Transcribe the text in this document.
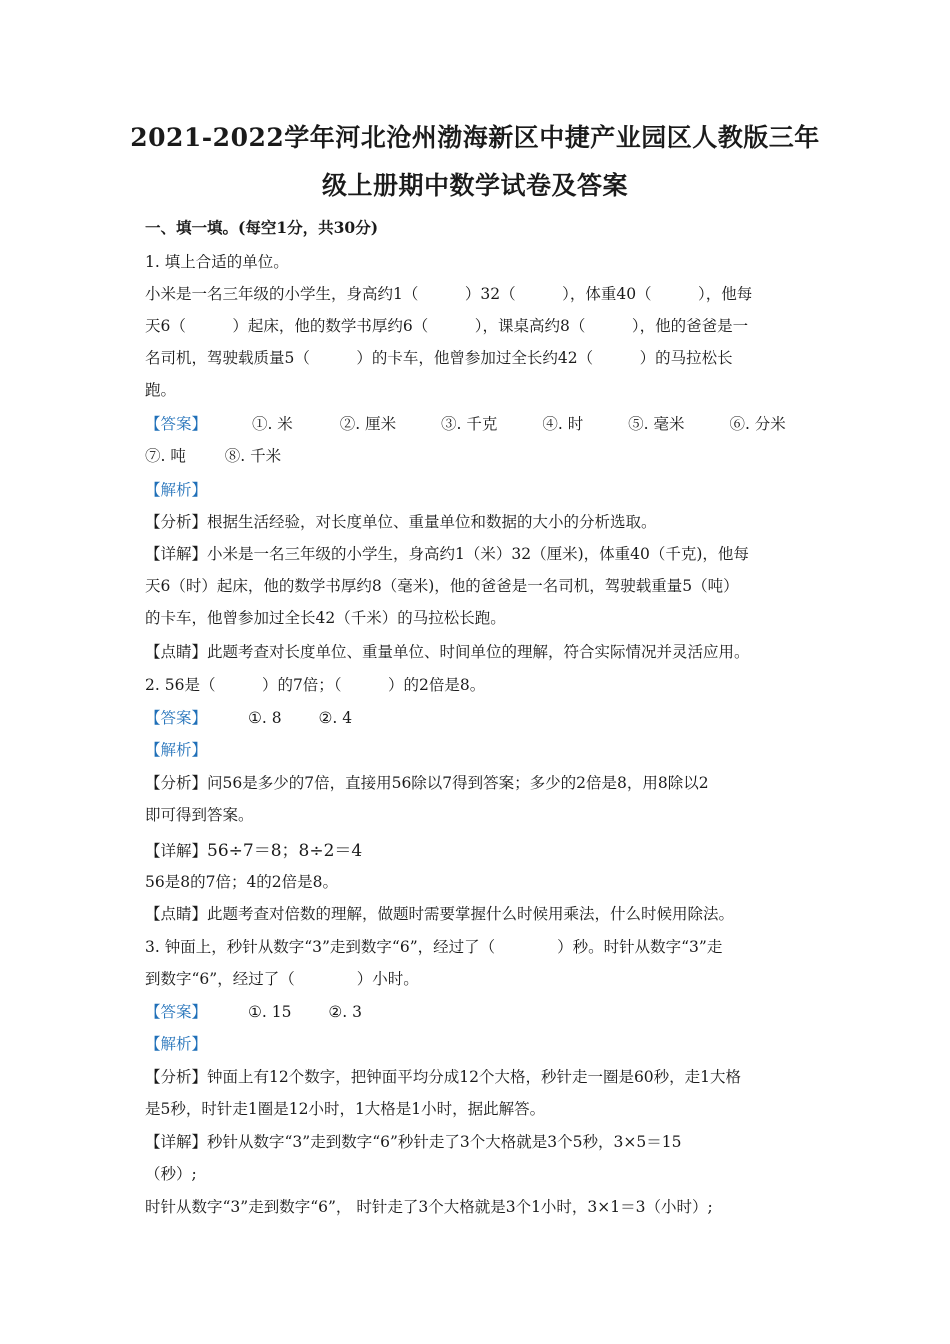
2021-2022学年河北沧州渤海新区中捷产业园区人教版三年
级上册期中数学试卷及答案
一、填一填。(每空1分，共30分)
1. 填上合适的单位。
小米是一名三年级的小学生，身高约1（　　　）32（　　　），体重40（　　　），他每
天6（　　　）起床，他的数学书厚约6（　　　），课桌高约8（　　　），他的爸爸是一
名司机，驾驶载质量5（　　　）的卡车，他曾参加过全长约42（　　　）的马拉松长
跑。
【答案】	①. 米	②. 厘米	③. 千克	④. 时	⑤. 毫米	⑥. 分米
⑦. 吨	⑧. 千米
【解析】
【分析】根据生活经验，对长度单位、重量单位和数据的大小的分析选取。
【详解】小米是一名三年级的小学生，身高约1（米）32（厘米)，体重40（千克)，他每
天6（时）起床，他的数学书厚约8（毫米)，他的爸爸是一名司机，驾驶载重量5（吨）
的卡车，他曾参加过全长42（千米）的马拉松长跑。
【点睛】此题考查对长度单位、重量单位、时间单位的理解，符合实际情况并灵活应用。
2. 56是（　　　）的7倍；（　　　）的2倍是8。
【答案】	①. 8 ②. 4
【解析】
【分析】问56是多少的7倍，直接用56除以7得到答案；多少的2倍是8，用8除以2
即可得到答案。
【详解】56÷7＝8；8÷2＝4
56是8的7倍；4的2倍是8。
【点睛】此题考查对倍数的理解，做题时需要掌握什么时候用乘法，什么时候用除法。
3. 钟面上，秒针从数字“3”走到数字“6”，经过了（　　　　）秒。时针从数字“3”走
到数字“6”，经过了（　　　　）小时。
【答案】	①. 15 ②. 3
【解析】
【分析】钟面上有12个数字，把钟面平均分成12个大格，秒针走一圈是60秒，走1大格
是5秒，时针走1圈是12小时，1大格是1小时，据此解答。
【详解】秒针从数字“3”走到数字“6”秒针走了3个大格就是3个5秒，3×5＝15
（秒）;
时针从数字“3”走到数字“6”， 时针走了3个大格就是3个1小时，3×1＝3（小时）;
